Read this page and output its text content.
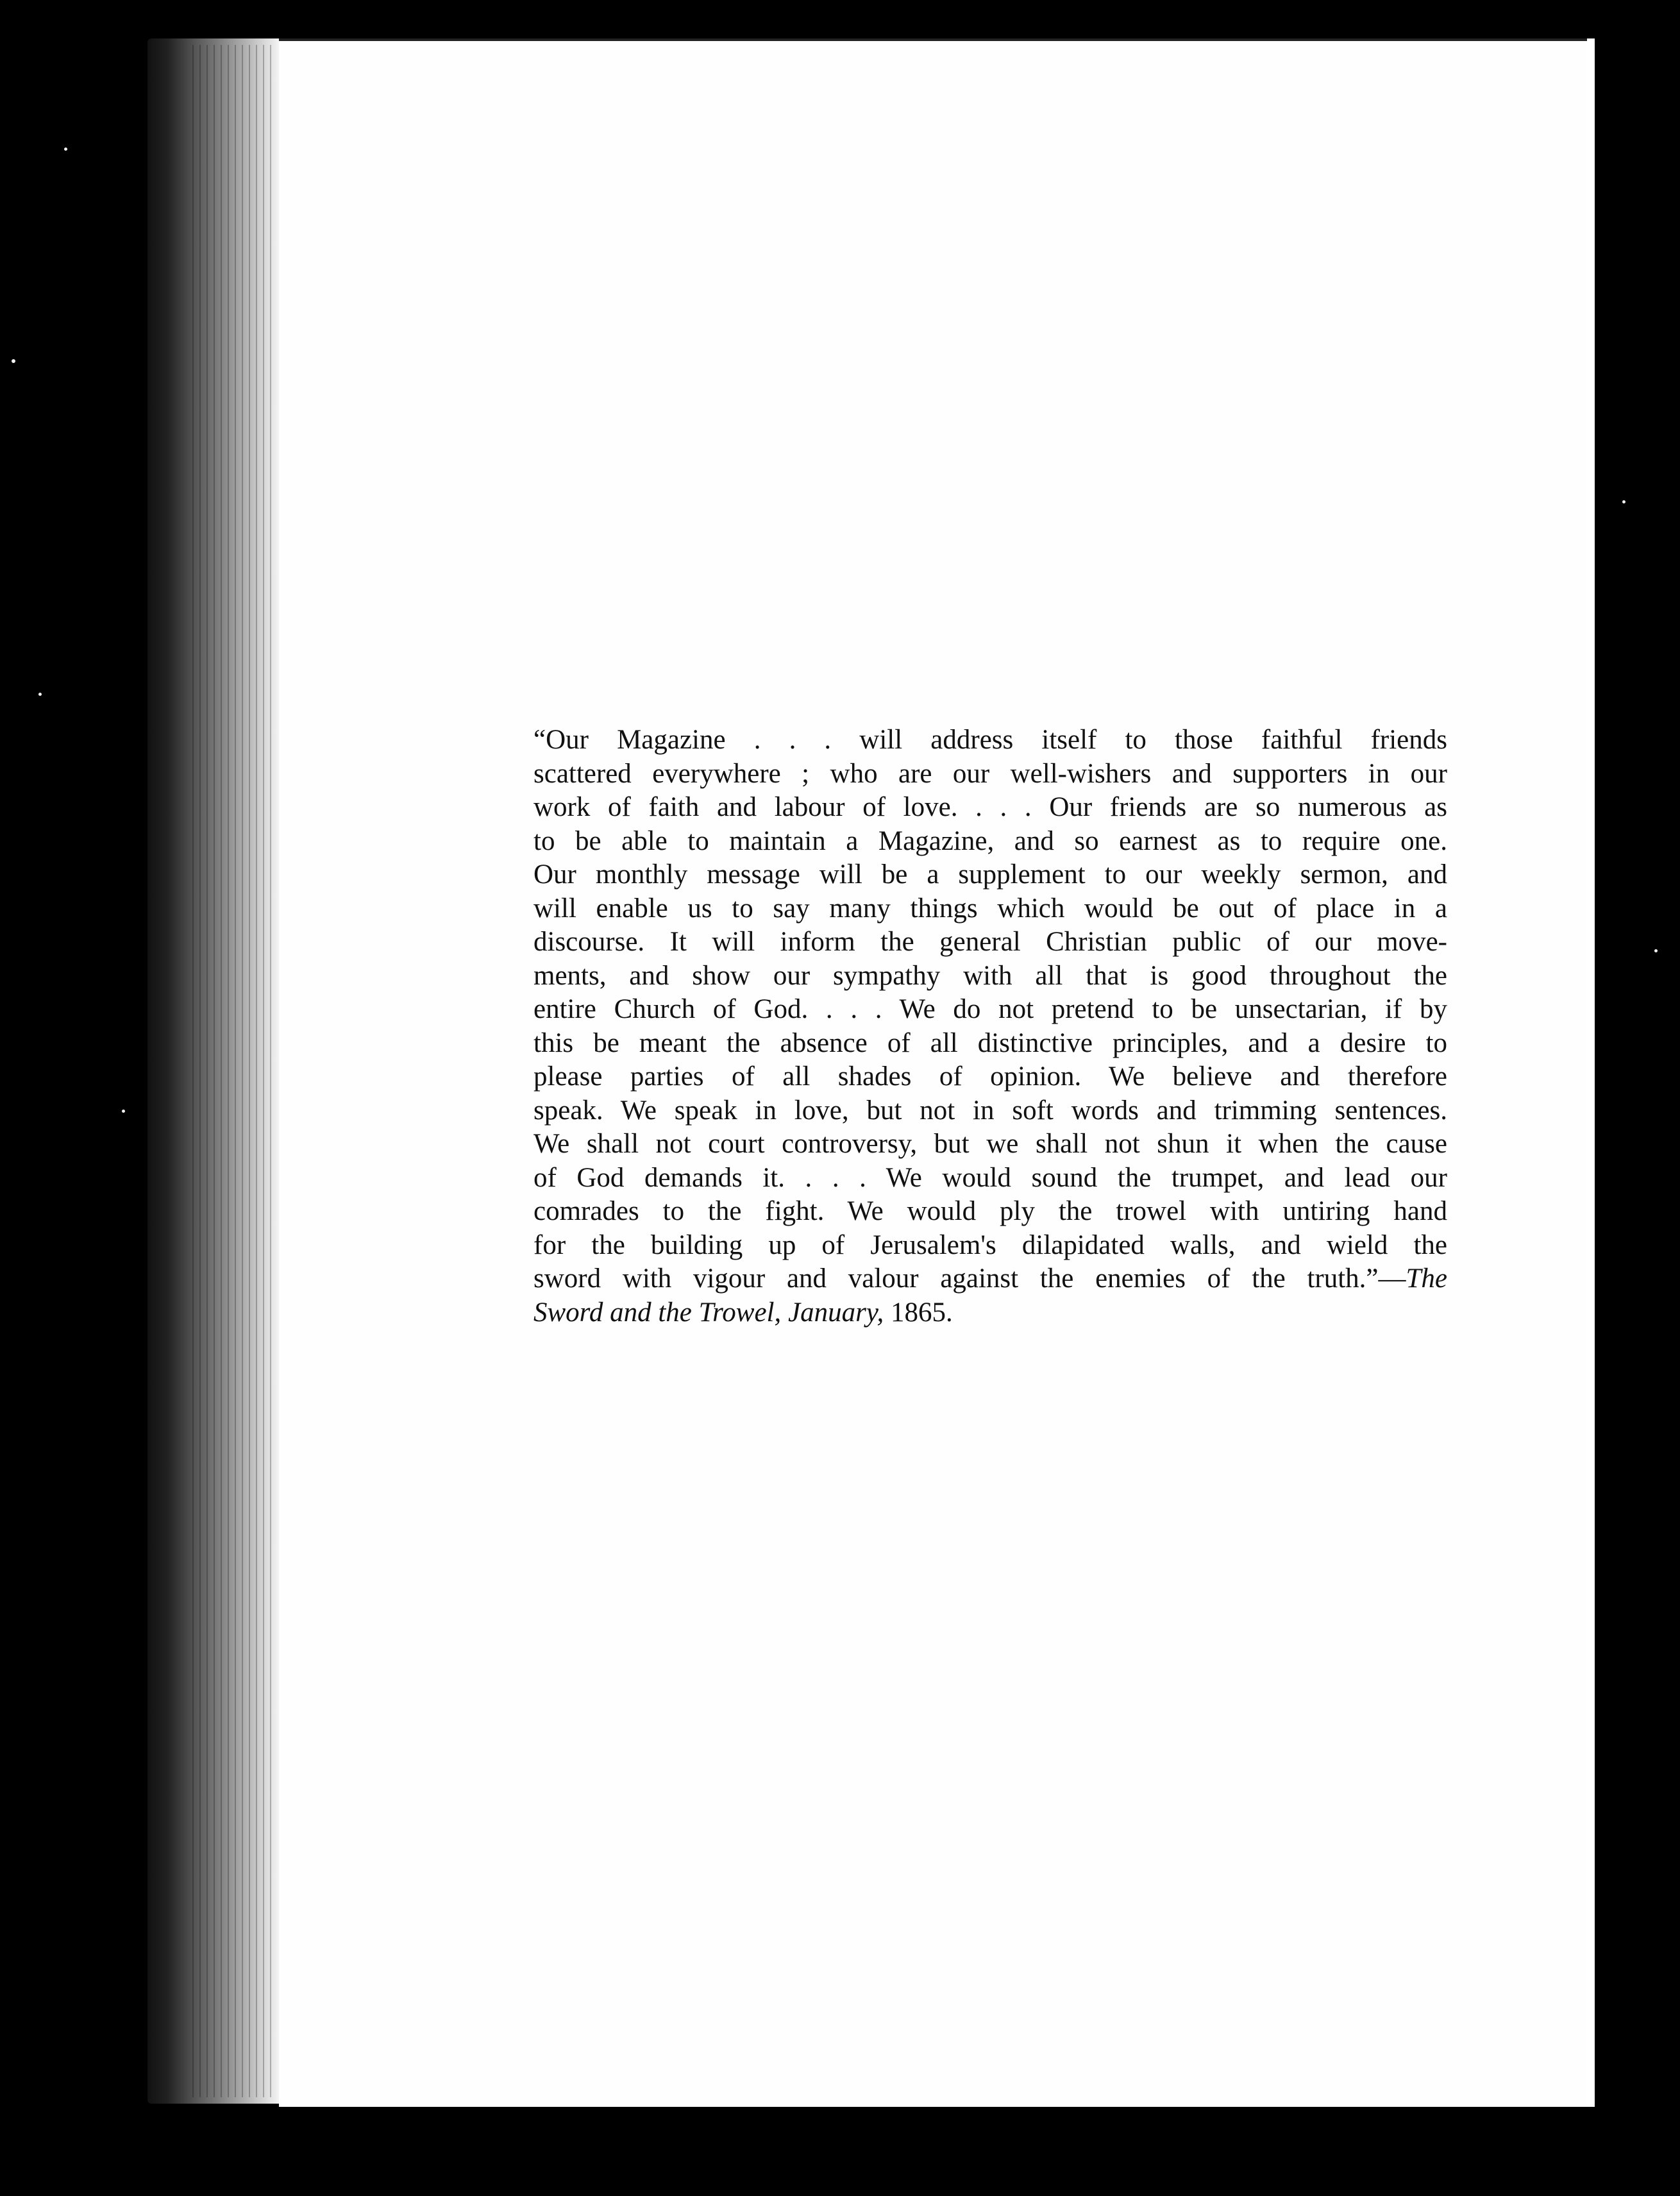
“Our Magazine . . . will address itself to those faithful friends
scattered everywhere ; who are our well-wishers and supporters in our
work of faith and labour of love. . . . Our friends are so numerous as
to be able to maintain a Magazine, and so earnest as to require one.
Our monthly message will be a supplement to our weekly sermon, and
will enable us to say many things which would be out of place in a
discourse. It will inform the general Christian public of our move-
ments, and show our sympathy with all that is good throughout the
entire Church of God. . . . We do not pretend to be unsectarian, if by
this be meant the absence of all distinctive principles, and a desire to
please parties of all shades of opinion. We believe and therefore
speak. We speak in love, but not in soft words and trimming sentences.
We shall not court controversy, but we shall not shun it when the cause
of God demands it. . . . We would sound the trumpet, and lead our
comrades to the fight. We would ply the trowel with untiring hand
for the building up of Jerusalem's dilapidated walls, and wield the
sword with vigour and valour against the enemies of the truth.”—The
Sword and the Trowel, January, 1865.
